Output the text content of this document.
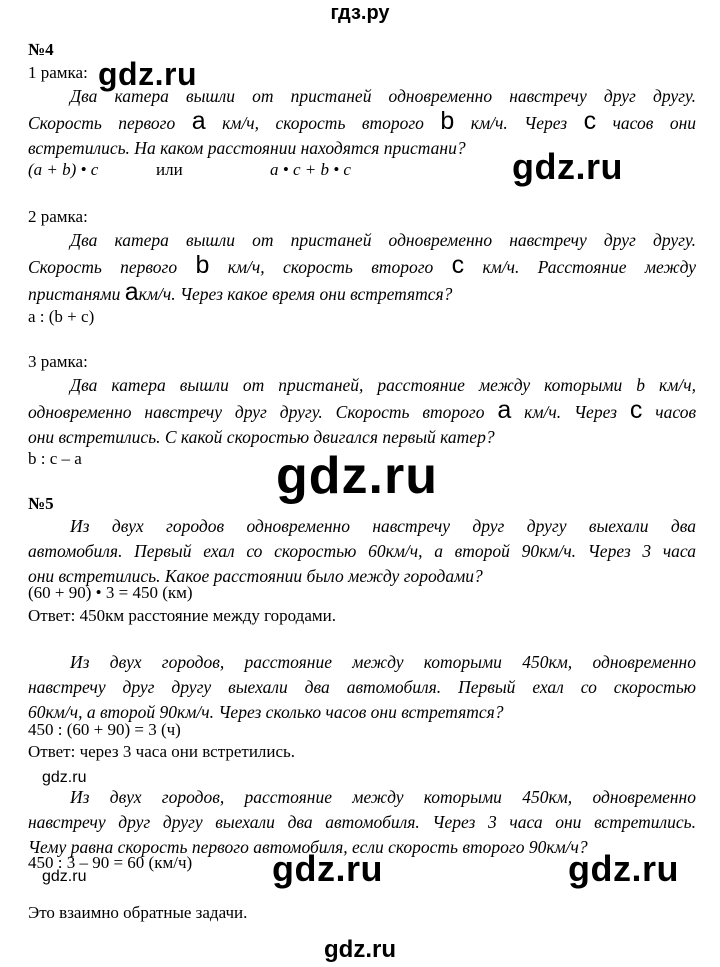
гдз.ру
gdz.ru
gdz.ru
gdz.ru
gdz.ru
gdz.ru	gdz.ru
gdz.ru
gdz.ru
№4
1 рамка:
Два катера вышли от пристаней одновременно навстречу друг другу.
Скорость первого a км/ч, скорость второго b км/ч. Через c часов они
встретились. На каком расстоянии находятся пристани?
(a + b) • c	или	a • c + b • c
2 рамка:
Два катера вышли от пристаней одновременно навстречу друг другу.
Скорость первого b км/ч, скорость второго c км/ч. Расстояние между
пристанями aкм/ч. Через какое время они встретятся?
a : (b + c)
3 рамка:
Два катера вышли от пристаней, расстояние между которыми b км/ч,
одновременно навстречу друг другу. Скорость второго a км/ч. Через c часов
они встретились. С какой скоростью двигался первый катер?
b : c – a
№5
Из двух городов одновременно навстречу друг другу выехали два
автомобиля. Первый ехал со скоростью 60км/ч, а второй 90км/ч. Через 3 часа
они встретились. Какое расстоянии было между городами?
(60 + 90) • 3 = 450 (км)
Ответ: 450км расстояние между городами.
Из двух городов, расстояние между которыми 450км, одновременно
навстречу друг другу выехали два автомобиля. Первый ехал со скоростью
60км/ч, а второй 90км/ч. Через сколько часов они встретятся?
450 : (60 + 90) = 3 (ч)
Ответ: через 3 часа они встретились.
Из двух городов, расстояние между которыми 450км, одновременно
навстречу друг другу выехали два автомобиля. Через 3 часа они встретились.
Чему равна скорость первого автомобиля, если скорость второго 90км/ч?
450 : 3 – 90 = 60 (км/ч)
Это взаимно обратные задачи.
